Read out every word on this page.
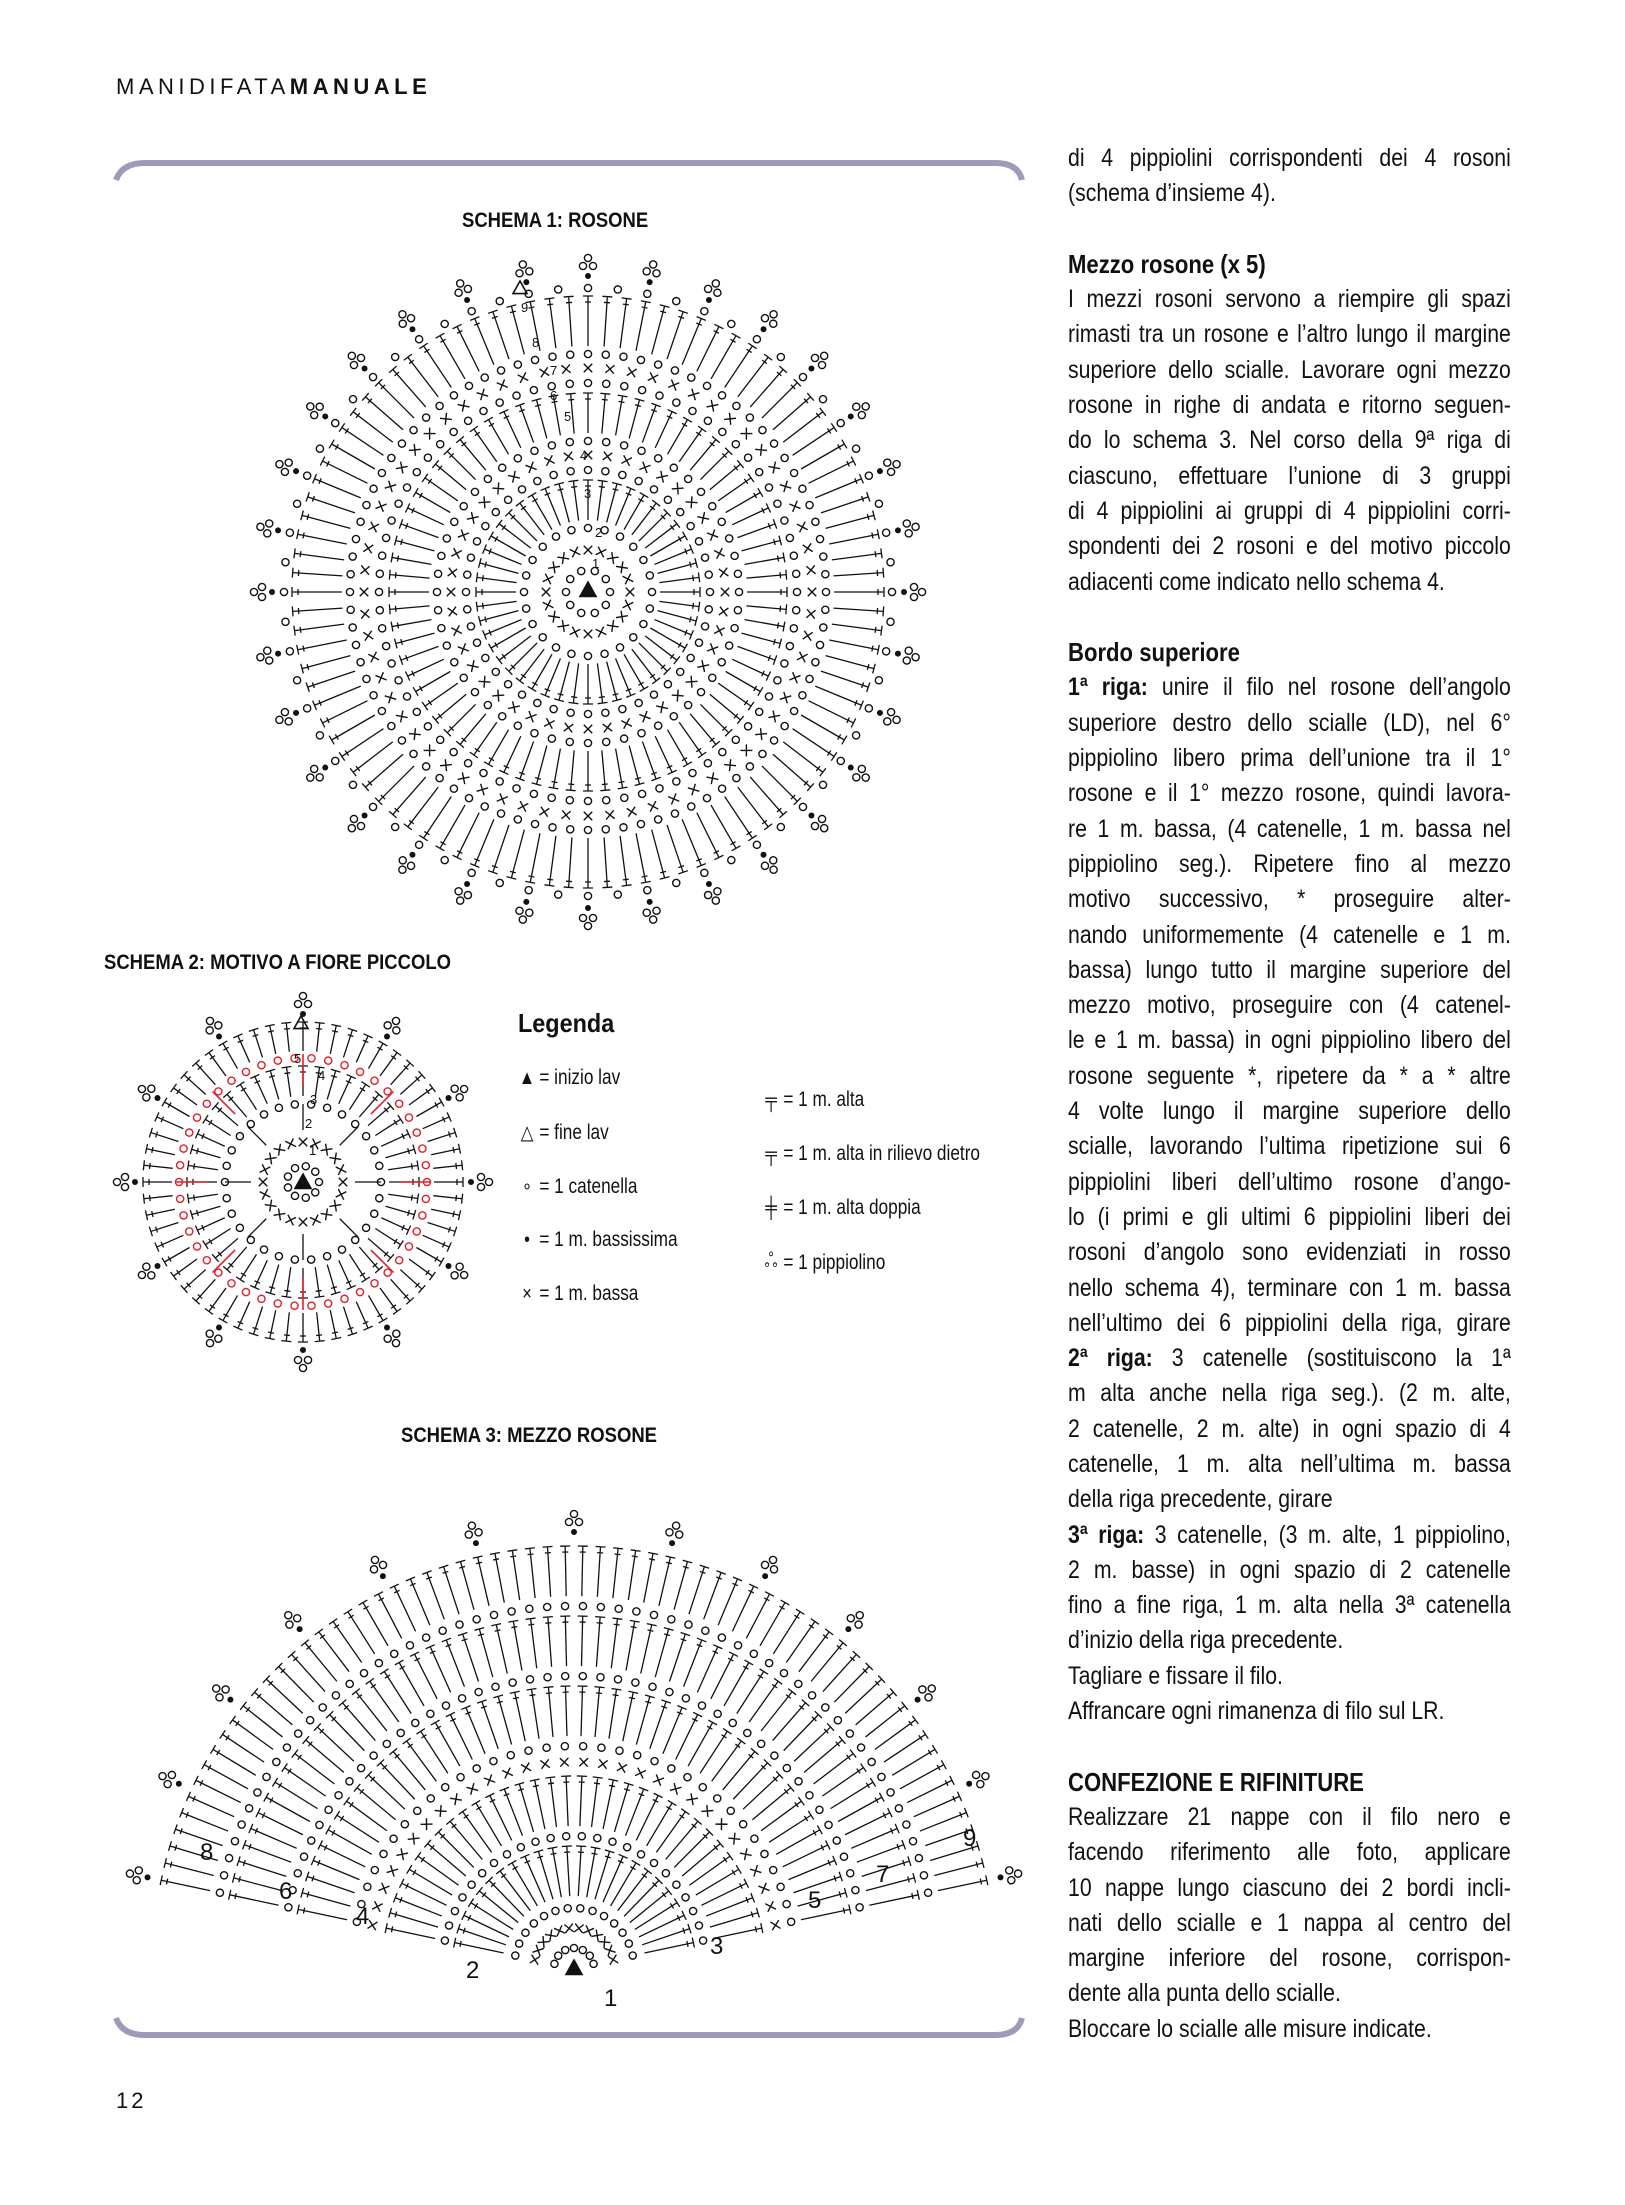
MANIDIFATAMANUALE
SCHEMA 1: ROSONE
SCHEMA 2: MOTIVO A FIORE PICCOLO
SCHEMA 3: MEZZO ROSONE
1
2
3
4
5
6
7
8
9
1
2
3
4
5
1
2
3
4
5
6
7
8
9
Legenda
▲ = inizio lav
△ = fine lav
∘ = 1 catenella
• = 1 m. bassissima
× = 1 m. bassa
╤ = 1 m. alta
╤ = 1 m. alta in rilievo dietro
╪ = 1 m. alta doppia
ஃ = 1 pippiolino
di 4 pippiolini corrispondenti dei 4 rosoni
(schema d’insieme 4).
Mezzo rosone (x 5)
I mezzi rosoni servono a riempire gli spazi
rimasti tra un rosone e l’altro lungo il margine
superiore dello scialle. Lavorare ogni mezzo
rosone in righe di andata e ritorno seguen-
do lo schema 3. Nel corso della 9ª riga di
ciascuno, effettuare l’unione di 3 gruppi
di 4 pippiolini ai gruppi di 4 pippiolini corri-
spondenti dei 2 rosoni e del motivo piccolo
adiacenti come indicato nello schema 4.
Bordo superiore
1ª riga: unire il filo nel rosone dell’angolo
superiore destro dello scialle (LD), nel 6°
pippiolino libero prima dell’unione tra il 1°
rosone e il 1° mezzo rosone, quindi lavora-
re 1 m. bassa, (4 catenelle, 1 m. bassa nel
pippiolino seg.). Ripetere fino al mezzo
motivo successivo, * proseguire alter-
nando uniformemente (4 catenelle e 1 m.
bassa) lungo tutto il margine superiore del
mezzo motivo, proseguire con (4 catenel-
le e 1 m. bassa) in ogni pippiolino libero del
rosone seguente *, ripetere da * a * altre
4 volte lungo il margine superiore dello
scialle, lavorando l’ultima ripetizione sui 6
pippiolini liberi dell’ultimo rosone d’ango-
lo (i primi e gli ultimi 6 pippiolini liberi dei
rosoni d’angolo sono evidenziati in rosso
nello schema 4), terminare con 1 m. bassa
nell’ultimo dei 6 pippiolini della riga, girare
2ª riga: 3 catenelle (sostituiscono la 1ª
m alta anche nella riga seg.). (2 m. alte,
2 catenelle, 2 m. alte) in ogni spazio di 4
catenelle, 1 m. alta nell’ultima m. bassa
della riga precedente, girare
3ª riga: 3 catenelle, (3 m. alte, 1 pippiolino,
2 m. basse) in ogni spazio di 2 catenelle
fino a fine riga, 1 m. alta nella 3ª catenella
d’inizio della riga precedente.
Tagliare e fissare il filo.
Affrancare ogni rimanenza di filo sul LR.
CONFEZIONE E RIFINITURE
Realizzare 21 nappe con il filo nero e
facendo riferimento alle foto, applicare
10 nappe lungo ciascuno dei 2 bordi incli-
nati dello scialle e 1 nappa al centro del
margine inferiore del rosone, corrispon-
dente alla punta dello scialle.
Bloccare lo scialle alle misure indicate.
12
